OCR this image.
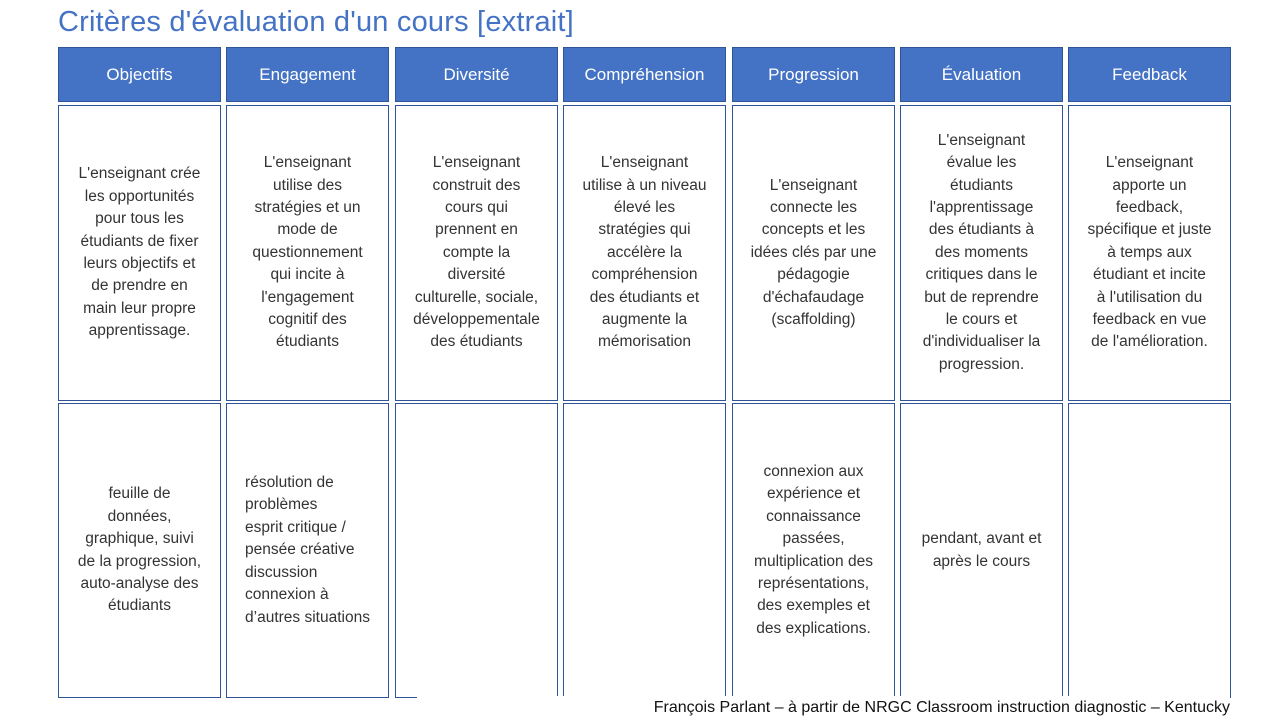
Critères d'évaluation d'un cours [extrait]
Objectifs
L'enseignant crée
les opportunités
pour tous les
étudiants de fixer
leurs objectifs et
de prendre en
main leur propre
apprentissage.
feuille de
données,
graphique, suivi
de la progression,
auto-analyse des
étudiants
Engagement
L'enseignant
utilise des
stratégies et un
mode de
questionnement
qui incite à
l'engagement
cognitif des
étudiants
résolution de
problèmes
esprit critique /
pensée créative
discussion
connexion à
d’autres situations
Diversité
L'enseignant
construit des
cours qui
prennent en
compte la
diversité
culturelle, sociale,
développementale
des étudiants
Compréhension
L'enseignant
utilise à un niveau
élevé les
stratégies qui
accélère la
compréhension
des étudiants et
augmente la
mémorisation
Progression
L'enseignant
connecte les
concepts et les
idées clés par une
pédagogie
d'échafaudage
(scaffolding)
connexion aux
expérience et
connaissance
passées,
multiplication des
représentations,
des exemples et
des explications.
Évaluation
L'enseignant
évalue les
étudiants
l'apprentissage
des étudiants à
des moments
critiques dans le
but de reprendre
le cours et
d'individualiser la
progression.
pendant, avant et
après le cours
Feedback
L'enseignant
apporte un
feedback,
spécifique et juste
à temps aux
étudiant et incite
à l'utilisation du
feedback en vue
de l'amélioration.
François Parlant – à partir de NRGC Classroom instruction diagnostic – Kentucky
